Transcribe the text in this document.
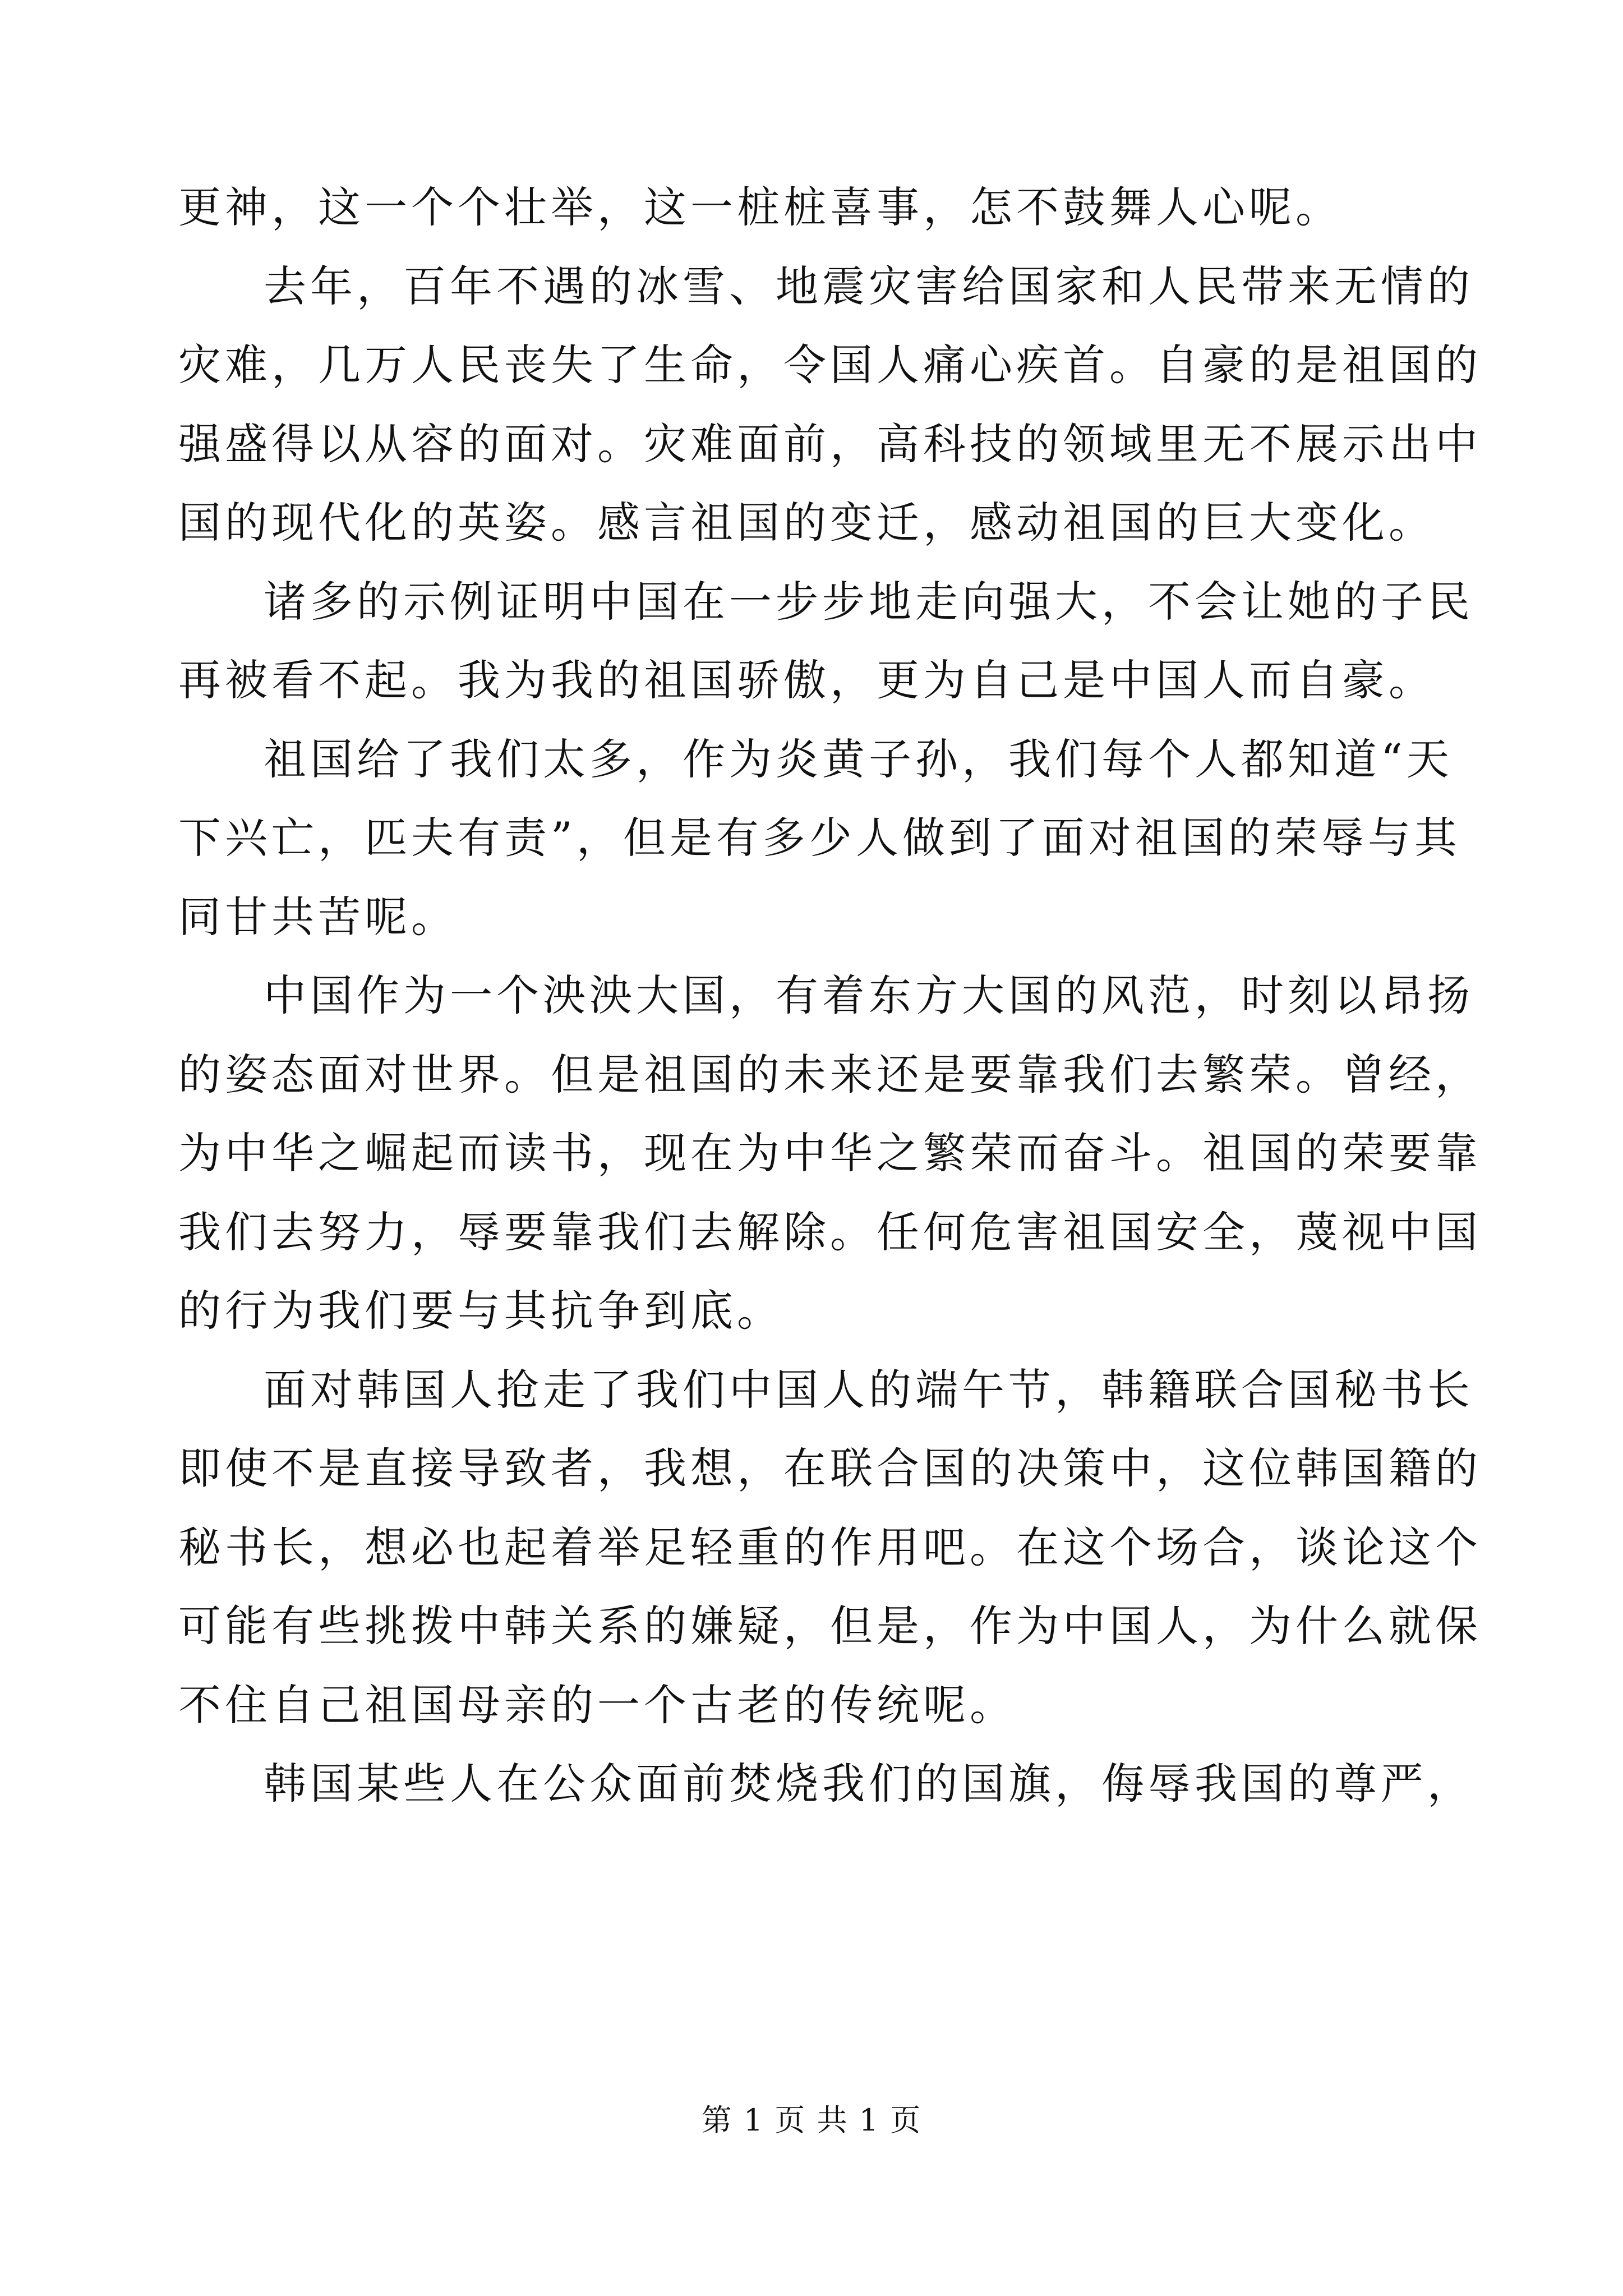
更神，这一个个壮举，这一桩桩喜事，怎不鼓舞人心呢。
去年，百年不遇的冰雪、地震灾害给国家和人民带来无情的
灾难，几万人民丧失了生命，令国人痛心疾首。自豪的是祖国的
强盛得以从容的面对。灾难面前，高科技的领域里无不展示出中
国的现代化的英姿。感言祖国的变迁，感动祖国的巨大变化。
诸多的示例证明中国在一步步地走向强大，不会让她的子民
再被看不起。我为我的祖国骄傲，更为自己是中国人而自豪。
祖国给了我们太多，作为炎黄子孙，我们每个人都知道“天
下兴亡，匹夫有责”，但是有多少人做到了面对祖国的荣辱与其
同甘共苦呢。
中国作为一个泱泱大国，有着东方大国的风范，时刻以昂扬
的姿态面对世界。但是祖国的未来还是要靠我们去繁荣。曾经，
为中华之崛起而读书，现在为中华之繁荣而奋斗。祖国的荣要靠
我们去努力，辱要靠我们去解除。任何危害祖国安全，蔑视中国
的行为我们要与其抗争到底。
面对韩国人抢走了我们中国人的端午节，韩籍联合国秘书长
即使不是直接导致者，我想，在联合国的决策中，这位韩国籍的
秘书长，想必也起着举足轻重的作用吧。在这个场合，谈论这个
可能有些挑拨中韩关系的嫌疑，但是，作为中国人，为什么就保
不住自己祖国母亲的一个古老的传统呢。
韩国某些人在公众面前焚烧我们的国旗，侮辱我国的尊严，
第 1 页 共 1 页
